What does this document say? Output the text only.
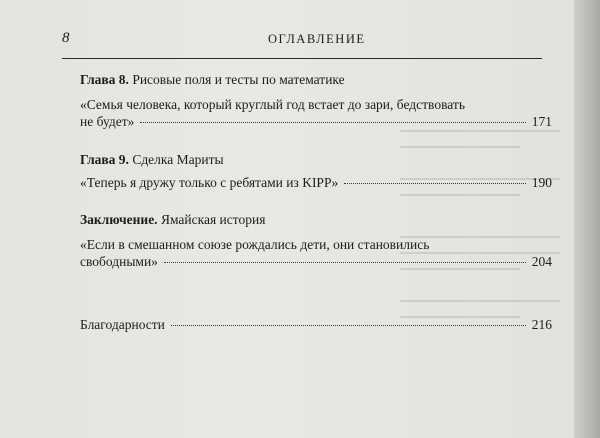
8	ОГЛАВЛЕНИЕ
Глава 8. Рисовые поля и тесты по математике
«Семья человека, который круглый год встает до зари, бедствовать
не будет»	171
Глава 9. Сделка Мариты
«Теперь я дружу только с ребятами из KIPP»	190
Заключение. Ямайская история
«Если в смешанном союзе рождались дети, они становились
свободными»	204
Благодарности	216
